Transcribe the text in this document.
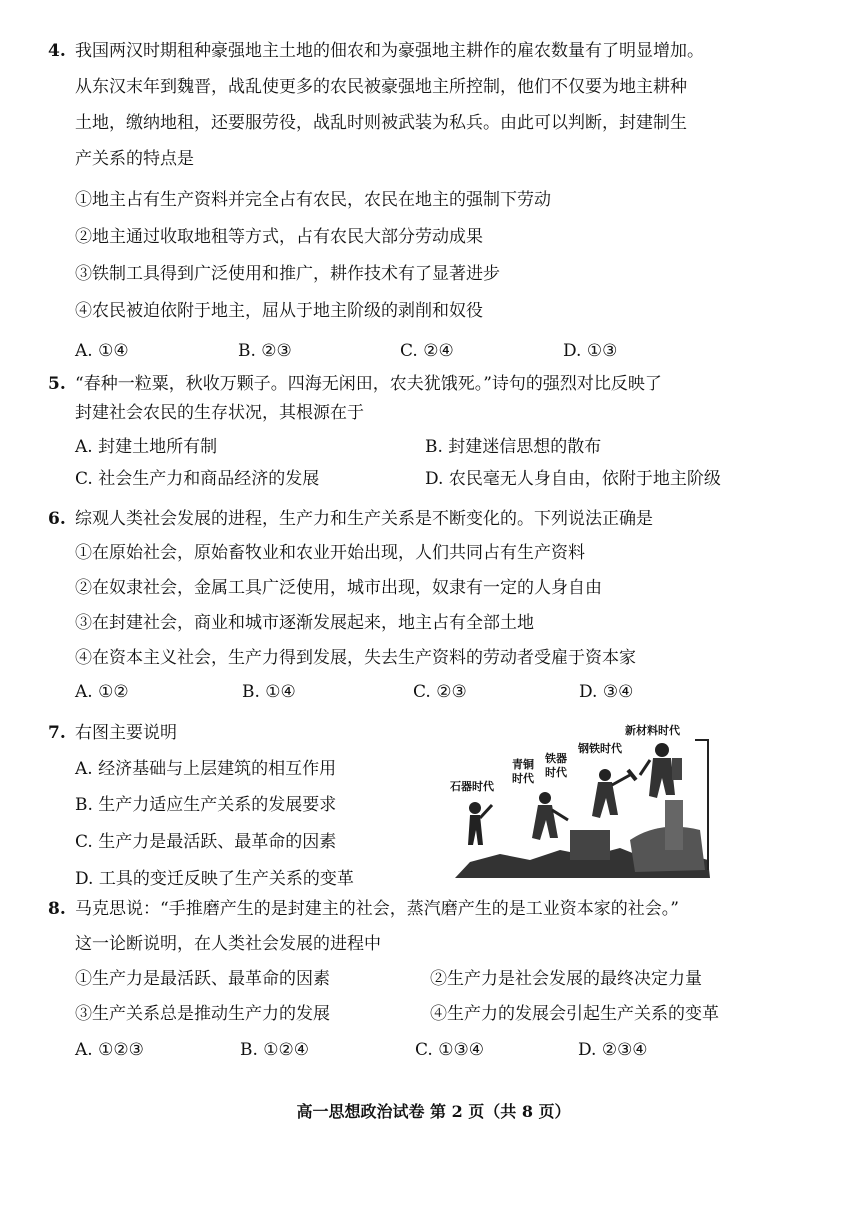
4. 我国两汉时期租种豪强地主土地的佃农和为豪强地主耕作的雇农数量有了明显增加。
从东汉末年到魏晋，战乱使更多的农民被豪强地主所控制，他们不仅要为地主耕种
土地，缴纳地租，还要服劳役，战乱时则被武装为私兵。由此可以判断，封建制生
产关系的特点是
①地主占有生产资料并完全占有农民，农民在地主的强制下劳动
②地主通过收取地租等方式，占有农民大部分劳动成果
③铁制工具得到广泛使用和推广，耕作技术有了显著进步
④农民被迫依附于地主，屈从于地主阶级的剥削和奴役
A. ①④	B. ②③	C. ②④	D. ①③
5. “春种一粒粟，秋收万颗子。四海无闲田，农夫犹饿死。”诗句的强烈对比反映了
封建社会农民的生存状况，其根源在于
A. 封建土地所有制	B. 封建迷信思想的散布
C. 社会生产力和商品经济的发展	D. 农民毫无人身自由，依附于地主阶级
6. 综观人类社会发展的进程，生产力和生产关系是不断变化的。下列说法正确是
①在原始社会，原始畜牧业和农业开始出现，人们共同占有生产资料
②在奴隶社会，金属工具广泛使用，城市出现，奴隶有一定的人身自由
③在封建社会，商业和城市逐渐发展起来，地主占有全部土地
④在资本主义社会，生产力得到发展，失去生产资料的劳动者受雇于资本家
A. ①②	B. ①④	C. ②③	D. ③④
7. 右图主要说明
A. 经济基础与上层建筑的相互作用
B. 生产力适应生产关系的发展要求
C. 生产力是最活跃、最革命的因素
D. 工具的变迁反映了生产关系的变革
石器时代
青铜
时代
铁器
时代
钢铁时代
新材料时代
8. 马克思说：“手推磨产生的是封建主的社会，蒸汽磨产生的是工业资本家的社会。”
这一论断说明，在人类社会发展的进程中
①生产力是最活跃、最革命的因素	②生产力是社会发展的最终决定力量
③生产关系总是推动生产力的发展	④生产力的发展会引起生产关系的变革
A. ①②③	B. ①②④	C. ①③④	D. ②③④
高一思想政治试卷 第 2 页（共 8 页）
